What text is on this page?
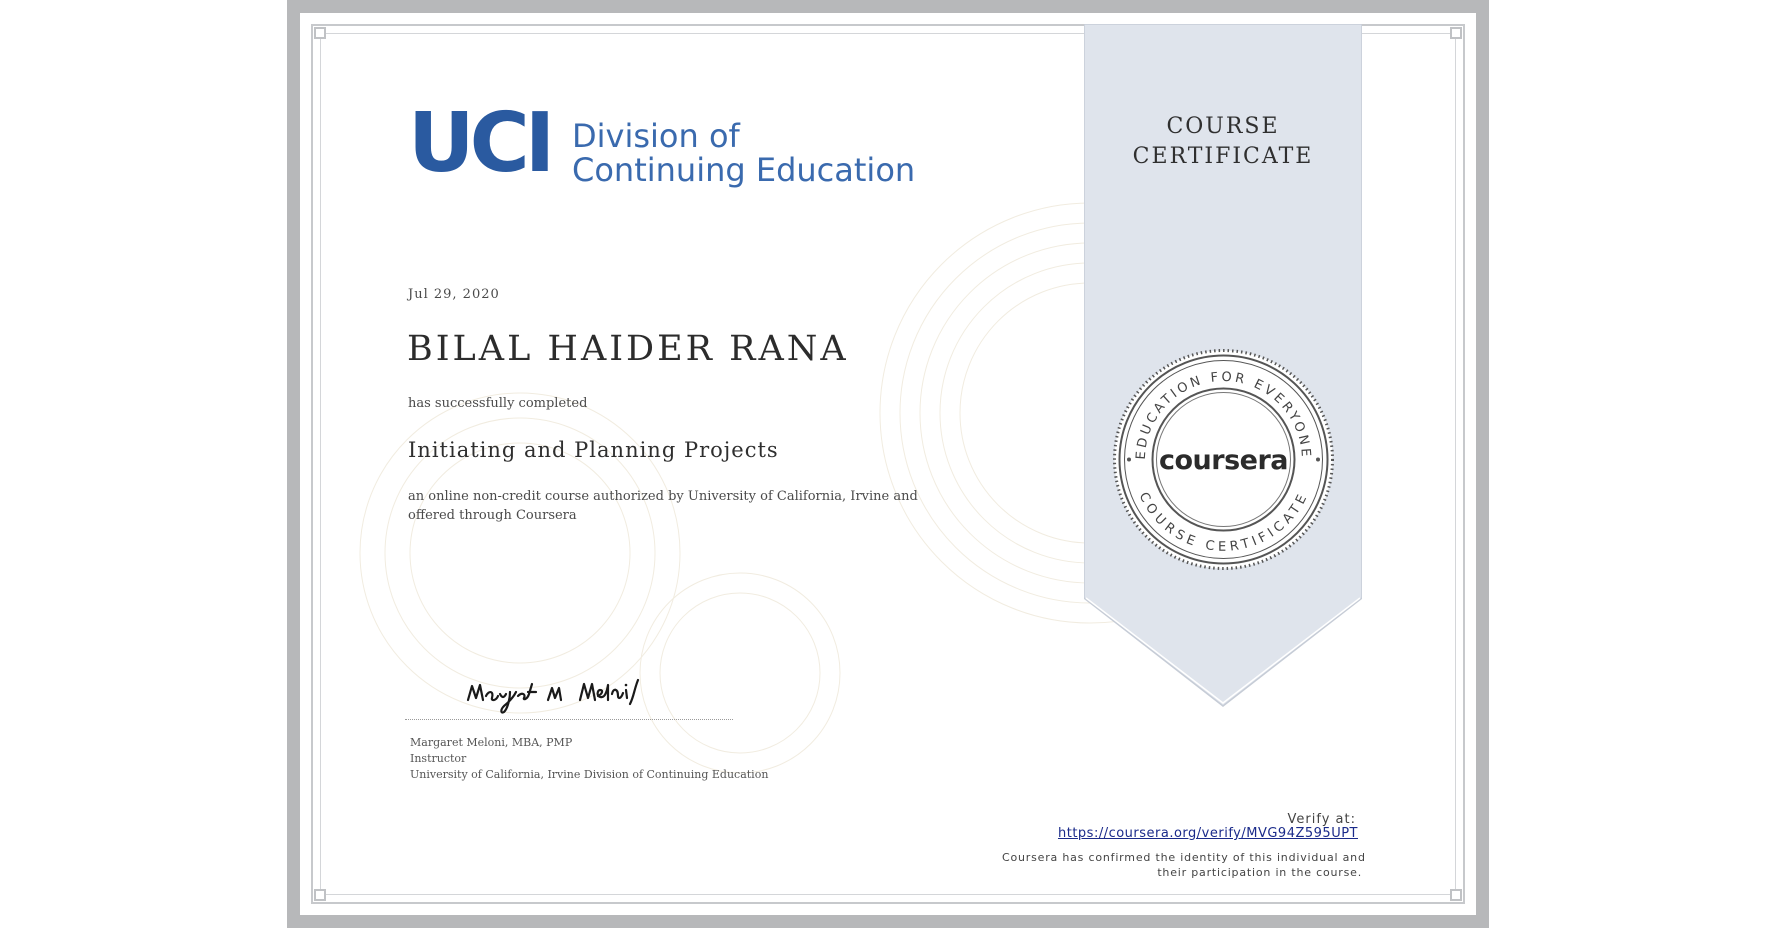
COURSE
CERTIFICATE
EDUCATION FOR EVERYONE
COURSE CERTIFICATE
coursera
UCI Division of
Continuing Education
Jul 29, 2020
BILAL HAIDER RANA
has successfully completed
Initiating and Planning Projects
an online non-credit course authorized by University of California, Irvine and offered through Coursera
Margaret Meloni, MBA, PMP
Instructor
University of California, Irvine Division of Continuing Education
Verify at:
https://coursera.org/verify/MVG94Z595UPT
Coursera has confirmed the identity of this individual and
their participation in the course.
